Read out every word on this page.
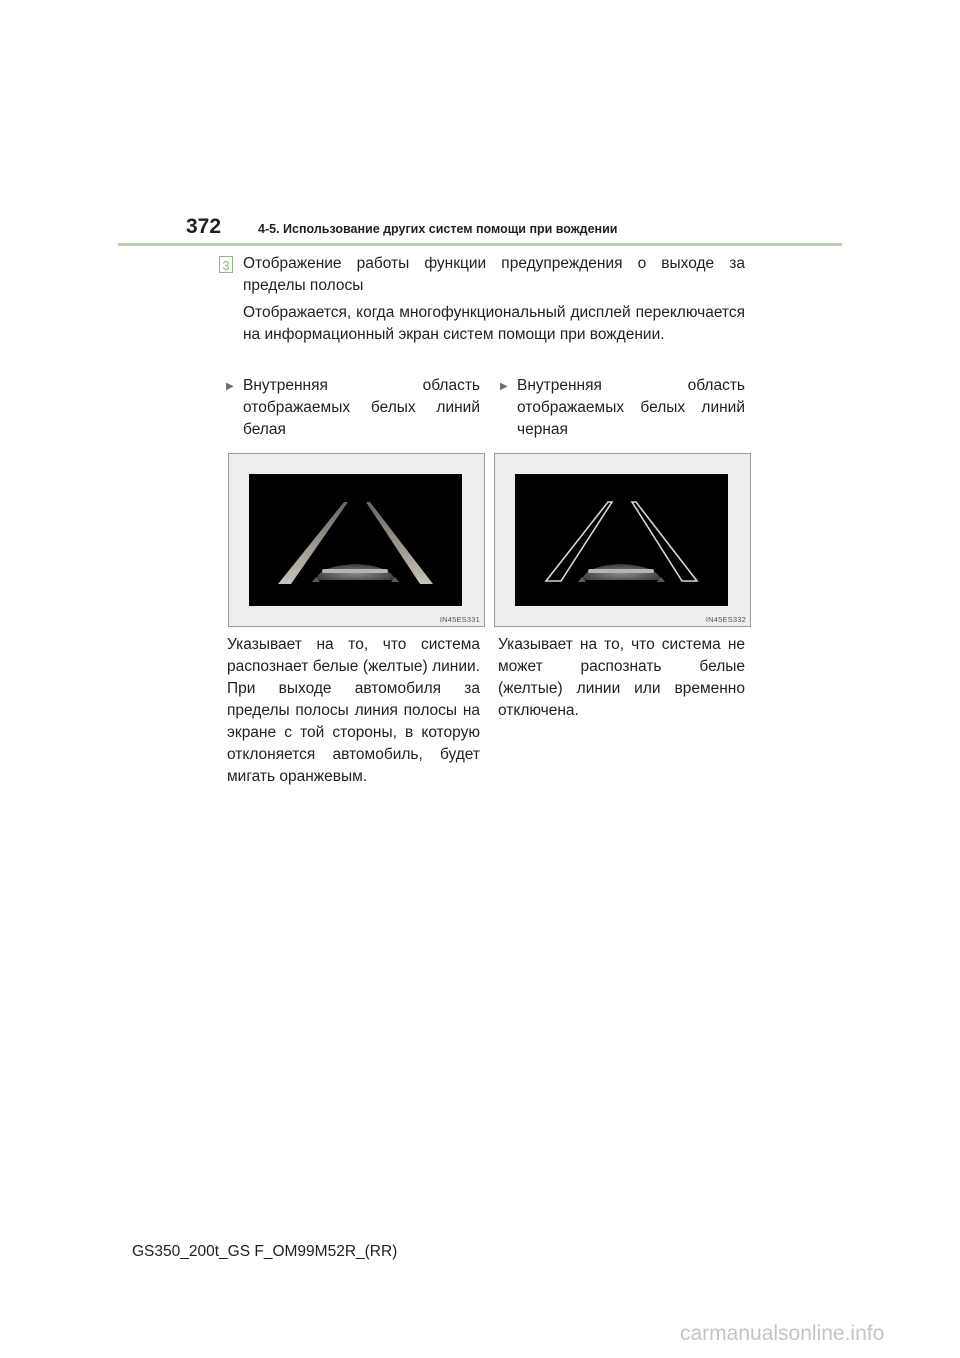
372	4-5. Использование других систем помощи при вождении
3 Отображение работы функции предупреждения о выходе за пределы полосы
Отображается, когда многофункциональный дисплей переключается на информационный экран систем помощи при вождении.
▶ Внутренняя область отображаемых белых линий белая
▶ Внутренняя область отображаемых белых линий черная
IN45ES331	IN45ES332
Указывает на то, что система распознает белые (желтые) линии. При выходе автомобиля за пределы полосы линия полосы на экране с той стороны, в которую отклоняется автомобиль, будет мигать оранжевым.
Указывает на то, что система не может распознать белые (желтые) линии или временно отключена.
GS350_200t_GS F_OM99M52R_(RR)
carmanualsonline.info
